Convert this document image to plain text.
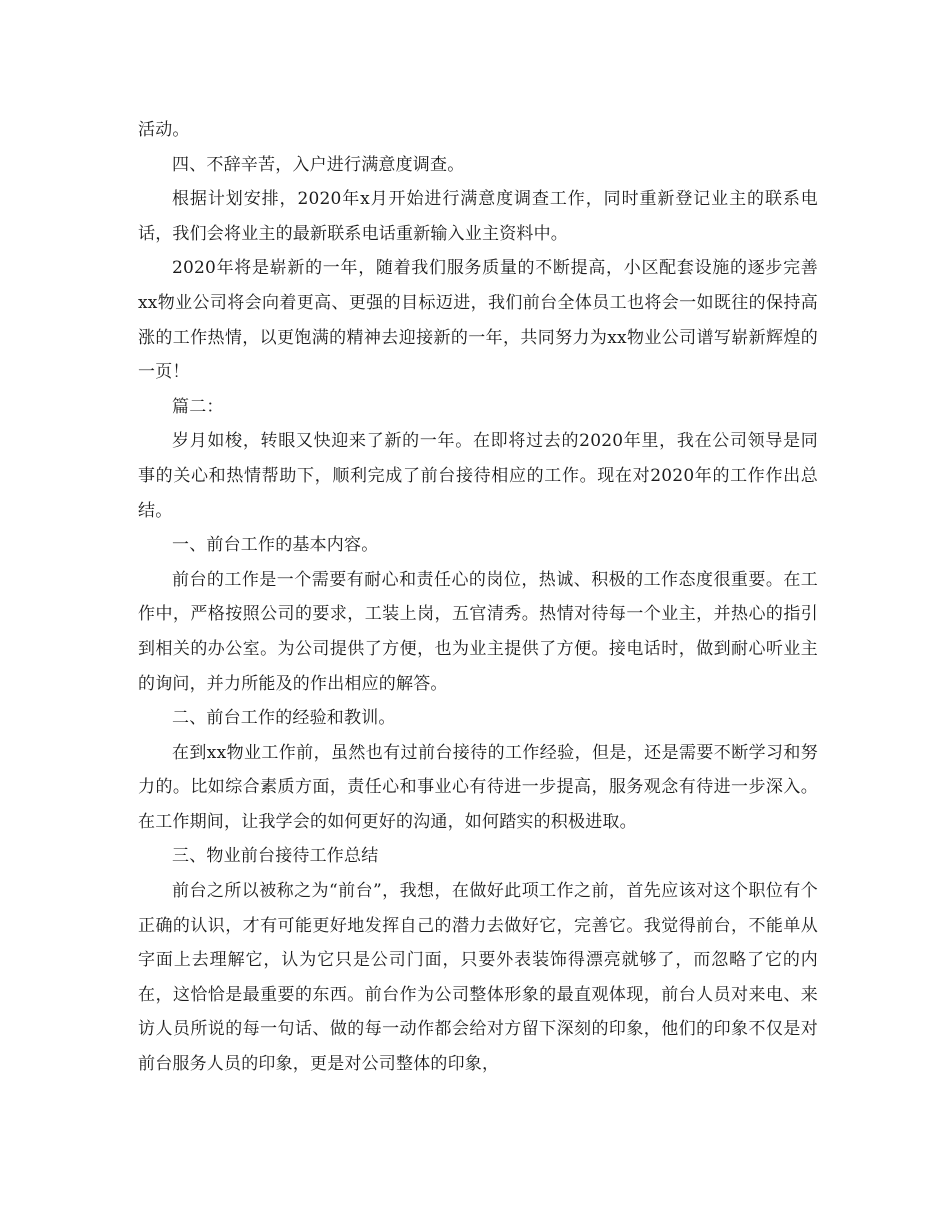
活动。

四、不辞辛苦，入户进行满意度调查。

根据计划安排，2020年x月开始进行满意度调查工作，同时重新登记业主的联系电话，我们会将业主的最新联系电话重新输入业主资料中。

2020年将是崭新的一年，随着我们服务质量的不断提高，小区配套设施的逐步完善xx物业公司将会向着更高、更强的目标迈进，我们前台全体员工也将会一如既往的保持高涨的工作热情，以更饱满的精神去迎接新的一年，共同努力为xx物业公司谱写崭新辉煌的一页！

篇二：

岁月如梭，转眼又快迎来了新的一年。在即将过去的2020年里，我在公司领导是同事的关心和热情帮助下，顺利完成了前台接待相应的工作。现在对2020年的工作作出总结。

一、前台工作的基本内容。

前台的工作是一个需要有耐心和责任心的岗位，热诚、积极的工作态度很重要。在工作中，严格按照公司的要求，工装上岗，五官清秀。热情对待每一个业主，并热心的指引到相关的办公室。为公司提供了方便，也为业主提供了方便。接电话时，做到耐心听业主的询问，并力所能及的作出相应的解答。

二、前台工作的经验和教训。

在到xx物业工作前，虽然也有过前台接待的工作经验，但是，还是需要不断学习和努力的。比如综合素质方面，责任心和事业心有待进一步提高，服务观念有待进一步深入。在工作期间，让我学会的如何更好的沟通，如何踏实的积极进取。

三、物业前台接待工作总结

前台之所以被称之为“前台”，我想，在做好此项工作之前，首先应该对这个职位有个正确的认识，才有可能更好地发挥自己的潜力去做好它，完善它。我觉得前台，不能单从字面上去理解它，认为它只是公司门面，只要外表装饰得漂亮就够了，而忽略了它的内在，这恰恰是最重要的东西。前台作为公司整体形象的最直观体现，前台人员对来电、来访人员所说的每一句话、做的每一动作都会给对方留下深刻的印象，他们的印象不仅是对前台服务人员的印象，更是对公司整体的印象，
